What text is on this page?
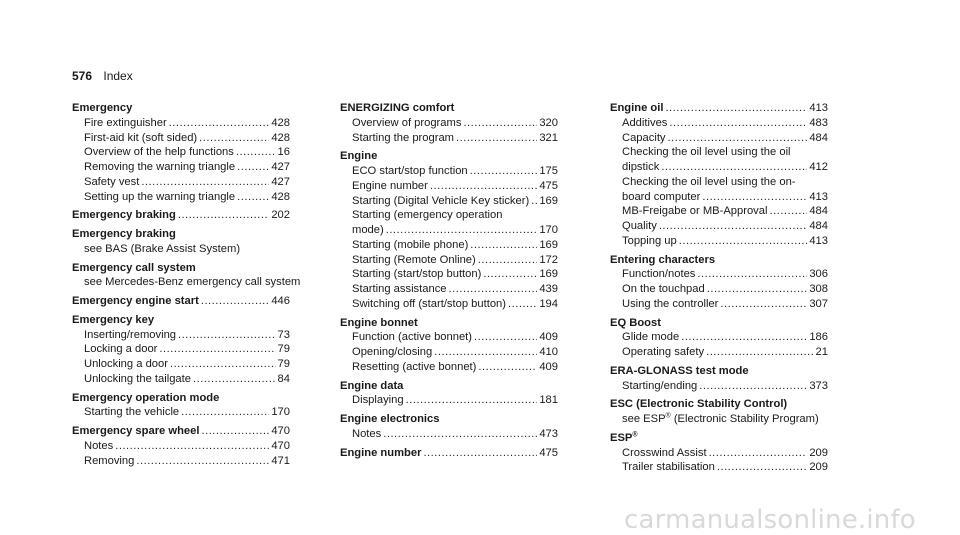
576 Index
Emergency
Fire extinguisher .....	428
First-aid kit (soft sided) .....	428
Overview of the help functions .....	16
Removing the warning triangle .....	427
Safety vest .....	427
Setting up the warning triangle .....	428
Emergency braking .....	202
Emergency braking
see BAS (Brake Assist System)
Emergency call system
see Mercedes-Benz emergency call system
Emergency engine start .....	446
Emergency key
Inserting/removing .....	73
Locking a door .....	79
Unlocking a door .....	79
Unlocking the tailgate .....	84
Emergency operation mode
Starting the vehicle .....	170
Emergency spare wheel .....	470
Notes .....	470
Removing .....	471
ENERGIZING comfort
Overview of programs .....	320
Starting the program .....	321
Engine
ECO start/stop function .....	175
Engine number .....	475
Starting (Digital Vehicle Key sticker) ..... 169
Starting (emergency operation
mode) .....	170
Starting (mobile phone) .....	169
Starting (Remote Online) .....	172
Starting (start/stop button) .....	169
Starting assistance .....	439
Switching off (start/stop button) .....	194
Engine bonnet
Function (active bonnet) .....	409
Opening/closing .....	410
Resetting (active bonnet) .....	409
Engine data
Displaying .....	181
Engine electronics
Notes .....	473
Engine number .....	475
Engine oil .....	413
Additives .....	483
Capacity .....	484
Checking the oil level using the oil
dipstick .....	412
Checking the oil level using the on-
board computer .....	413
MB-Freigabe or MB-Approval .....	484
Quality .....	484
Topping up .....	413
Entering characters
Function/notes .....	306
On the touchpad .....	308
Using the controller .....	307
EQ Boost
Glide mode .....	186
Operating safety .....	21
ERA-GLONASS test mode
Starting/ending .....	373
ESC (Electronic Stability Control)
see ESP® (Electronic Stability Program)
ESP®
Crosswind Assist .....	209
Trailer stabilisation .....	209
carmanualsonline.info
